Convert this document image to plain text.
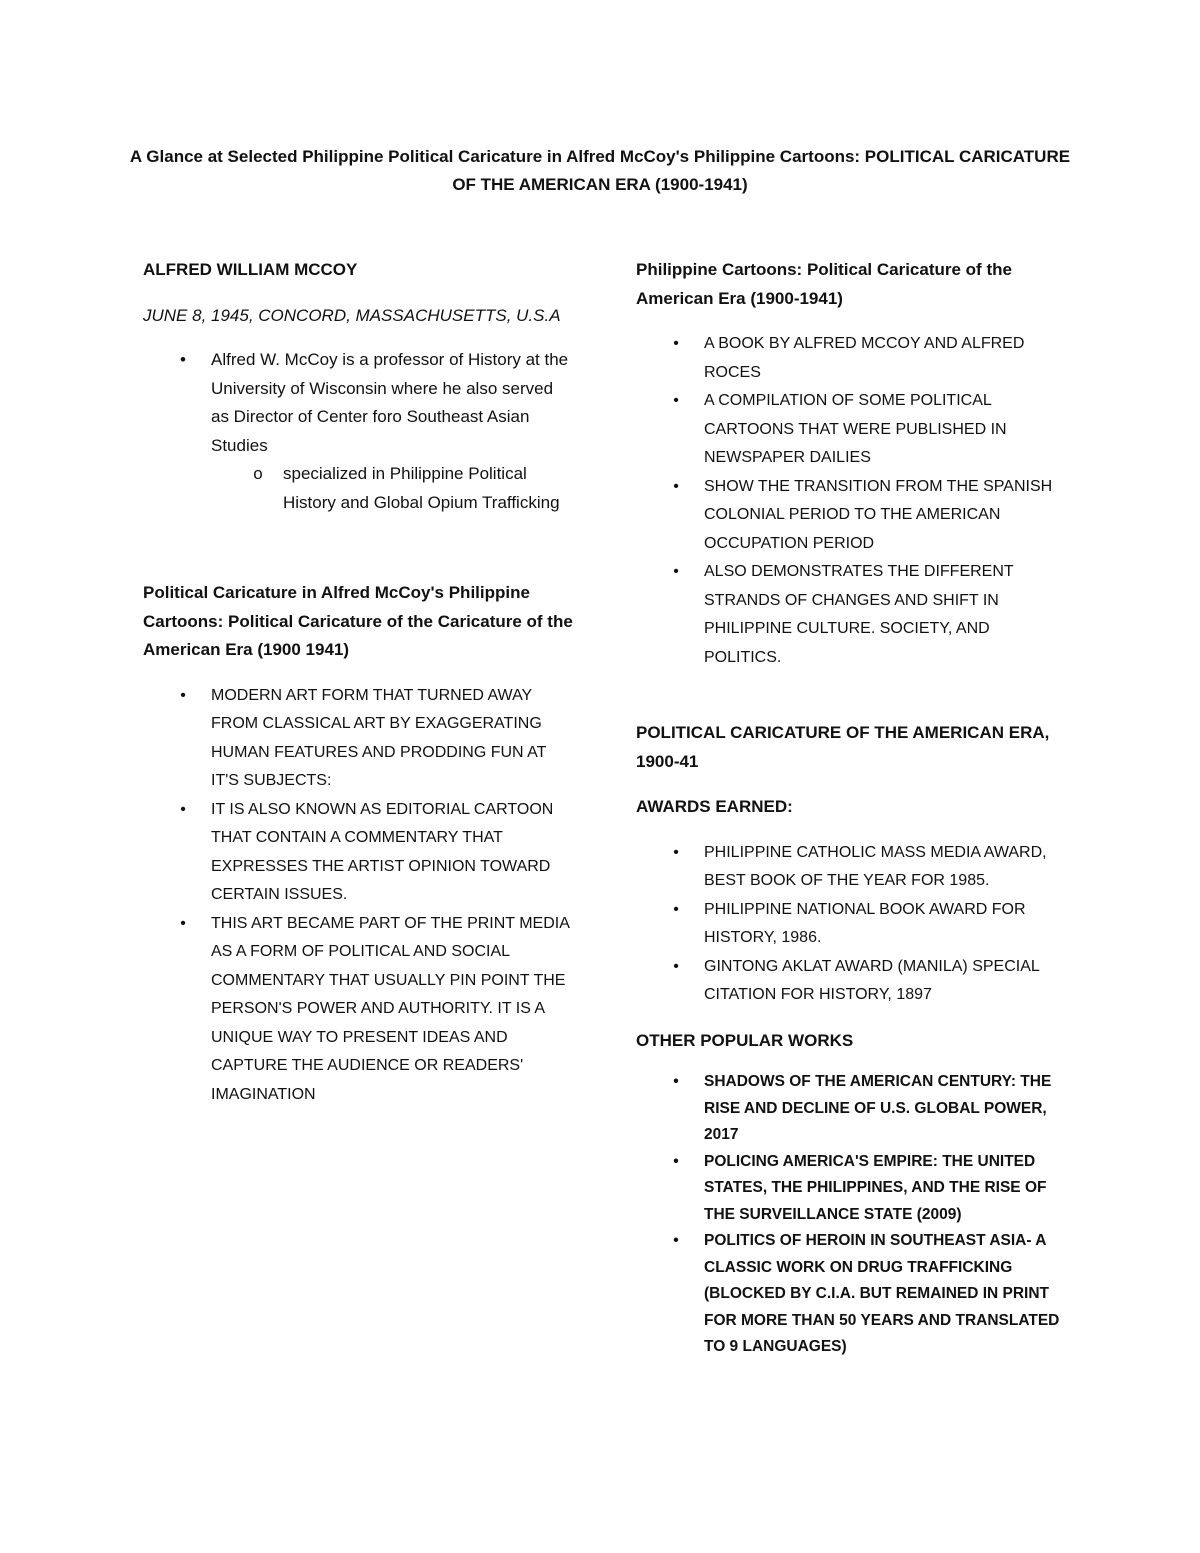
A Glance at Selected Philippine Political Caricature in Alfred McCoy's Philippine Cartoons: POLITICAL CARICATURE OF THE AMERICAN ERA (1900-1941)

ALFRED WILLIAM MCCOY

JUNE 8, 1945, CONCORD, MASSACHUSETTS, U.S.A

• Alfred W. McCoy is a professor of History at the University of Wisconsin where he also served as Director of Center foro Southeast Asian Studies
o specialized in Philippine Political History and Global Opium Trafficking

Political Caricature in Alfred McCoy's Philippine Cartoons: Political Caricature of the Caricature of the American Era (1900 1941)

• MODERN ART FORM THAT TURNED AWAY FROM CLASSICAL ART BY EXAGGERATING HUMAN FEATURES AND PRODDING FUN AT IT'S SUBJECTS:
• IT IS ALSO KNOWN AS EDITORIAL CARTOON THAT CONTAIN A COMMENTARY THAT EXPRESSES THE ARTIST OPINION TOWARD CERTAIN ISSUES.
• THIS ART BECAME PART OF THE PRINT MEDIA AS A FORM OF POLITICAL AND SOCIAL COMMENTARY THAT USUALLY PIN POINT THE PERSON'S POWER AND AUTHORITY. IT IS A UNIQUE WAY TO PRESENT IDEAS AND CAPTURE THE AUDIENCE OR READERS' IMAGINATION

Philippine Cartoons: Political Caricature of the American Era (1900-1941)

• A BOOK BY ALFRED MCCOY AND ALFRED ROCES
• A COMPILATION OF SOME POLITICAL CARTOONS THAT WERE PUBLISHED IN NEWSPAPER DAILIES
• SHOW THE TRANSITION FROM THE SPANISH COLONIAL PERIOD TO THE AMERICAN OCCUPATION PERIOD
• ALSO DEMONSTRATES THE DIFFERENT STRANDS OF CHANGES AND SHIFT IN PHILIPPINE CULTURE. SOCIETY, AND POLITICS.

POLITICAL CARICATURE OF THE AMERICAN ERA, 1900-41

AWARDS EARNED:

• PHILIPPINE CATHOLIC MASS MEDIA AWARD, BEST BOOK OF THE YEAR FOR 1985.
• PHILIPPINE NATIONAL BOOK AWARD FOR HISTORY, 1986.
• GINTONG AKLAT AWARD (MANILA) SPECIAL CITATION FOR HISTORY, 1897

OTHER POPULAR WORKS

• SHADOWS OF THE AMERICAN CENTURY: THE RISE AND DECLINE OF U.S. GLOBAL POWER, 2017
• POLICING AMERICA'S EMPIRE: THE UNITED STATES, THE PHILIPPINES, AND THE RISE OF THE SURVEILLANCE STATE (2009)
• POLITICS OF HEROIN IN SOUTHEAST ASIA- A CLASSIC WORK ON DRUG TRAFFICKING (BLOCKED BY C.I.A. BUT REMAINED IN PRINT FOR MORE THAN 50 YEARS AND TRANSLATED TO 9 LANGUAGES)
